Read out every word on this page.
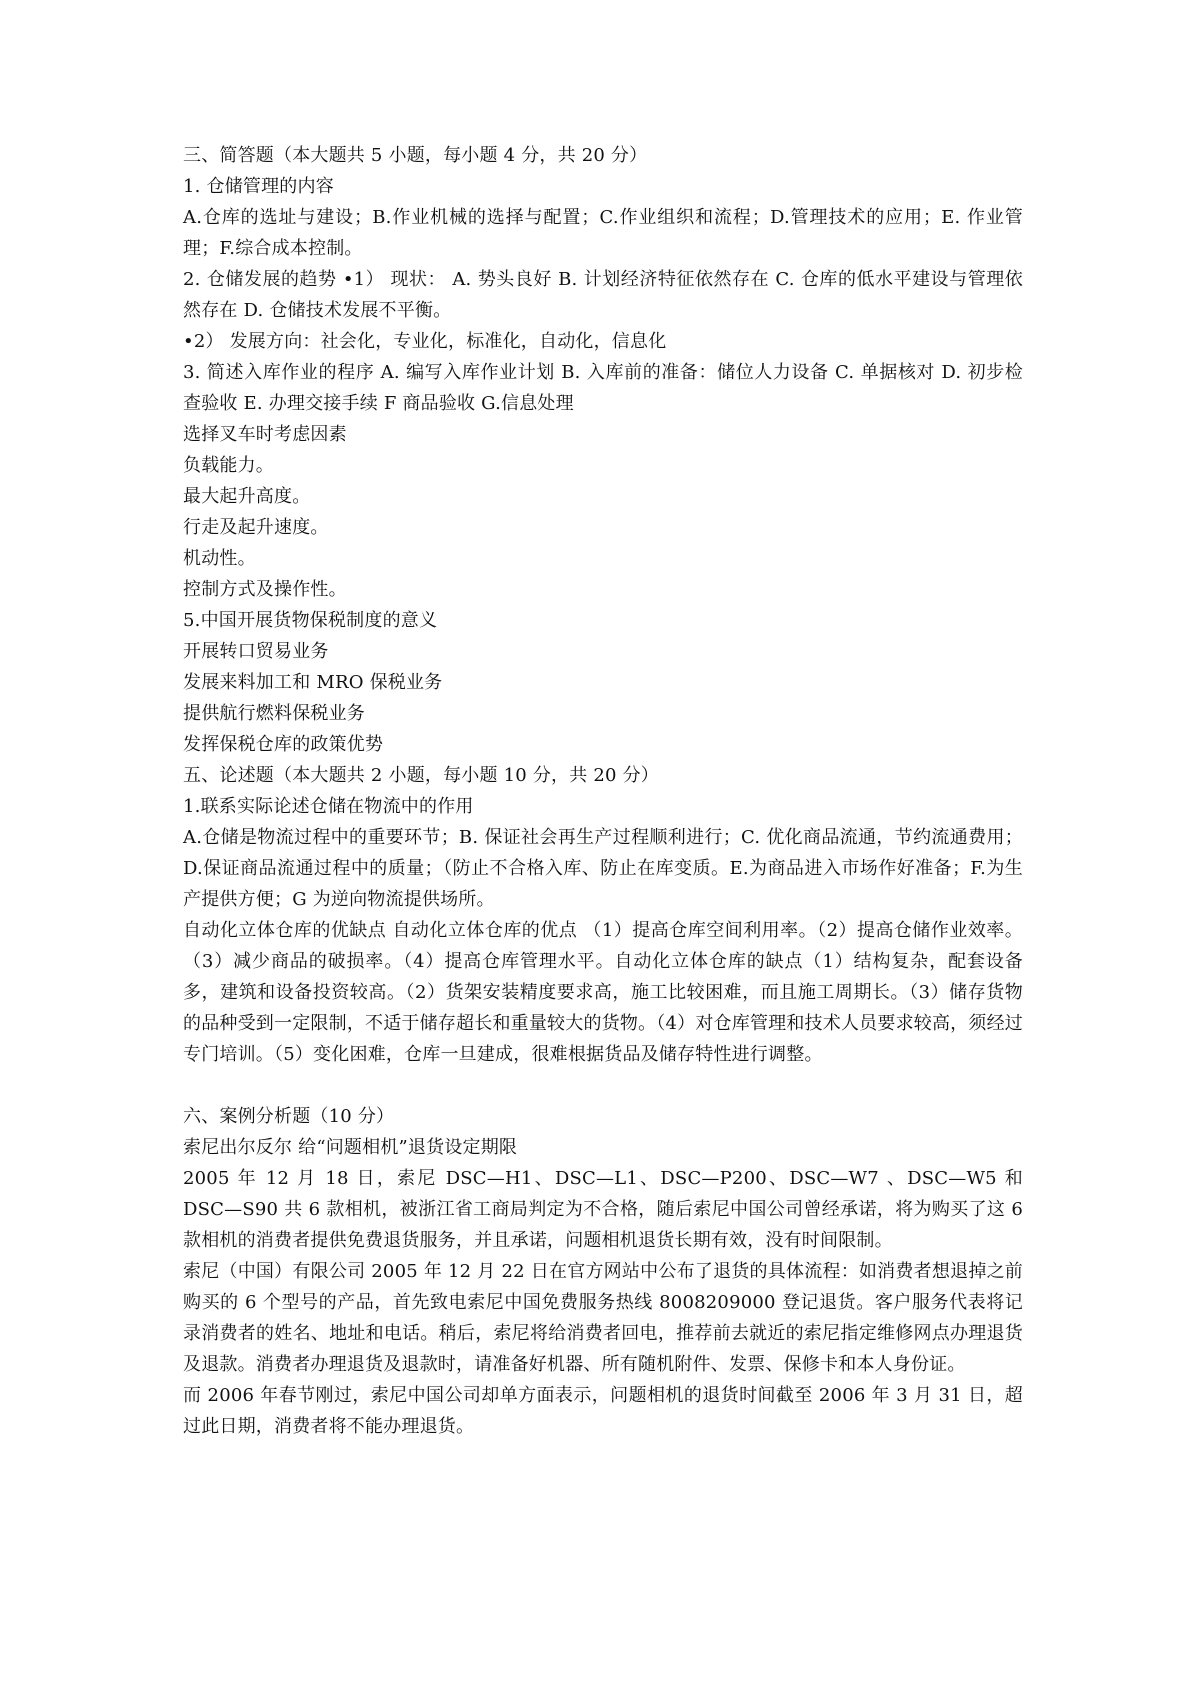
三、简答题（本大题共 5 小题，每小题 4 分，共 20 分）

1. 仓储管理的内容

A.仓库的选址与建设；B.作业机械的选择与配置；C.作业组织和流程；D.管理技术的应用；E. 作业管理；F.综合成本控制。

2. 仓储发展的趋势 •1） 现状： A. 势头良好 B. 计划经济特征依然存在 C. 仓库的低水平建设与管理依然存在 D. 仓储技术发展不平衡。

•2） 发展方向：社会化，专业化，标准化，自动化，信息化

3. 简述入库作业的程序 A. 编写入库作业计划 B. 入库前的准备：储位人力设备 C. 单据核对 D. 初步检查验收 E. 办理交接手续 F 商品验收 G.信息处理

选择叉车时考虑因素

负载能力。

最大起升高度。

行走及起升速度。

机动性。

控制方式及操作性。

5.中国开展货物保税制度的意义

开展转口贸易业务

发展来料加工和 MRO 保税业务

提供航行燃料保税业务

发挥保税仓库的政策优势

五、论述题（本大题共 2 小题，每小题 10 分，共 20 分）

1.联系实际论述仓储在物流中的作用

A.仓储是物流过程中的重要环节；B. 保证社会再生产过程顺利进行；C. 优化商品流通，节约流通费用；D.保证商品流通过程中的质量；（防止不合格入库、防止在库变质。E.为商品进入市场作好准备；F.为生产提供方便；G 为逆向物流提供场所。

自动化立体仓库的优缺点 自动化立体仓库的优点 （1）提高仓库空间利用率。（2）提高仓储作业效率。（3）减少商品的破损率。（4）提高仓库管理水平。自动化立体仓库的缺点（1）结构复杂，配套设备多，建筑和设备投资较高。（2）货架安装精度要求高，施工比较困难，而且施工周期长。（3）储存货物的品种受到一定限制，不适于储存超长和重量较大的货物。（4）对仓库管理和技术人员要求较高，须经过专门培训。（5）变化困难，仓库一旦建成，很难根据货品及储存特性进行调整。

六、案例分析题（10 分）

索尼出尔反尔 给“问题相机”退货设定期限

2005 年 12 月 18 日，索尼 DSC—H1、DSC—L1、DSC—P200、DSC—W7 、DSC—W5 和 DSC—S90 共 6 款相机，被浙江省工商局判定为不合格，随后索尼中国公司曾经承诺，将为购买了这 6 款相机的消费者提供免费退货服务，并且承诺，问题相机退货长期有效，没有时间限制。

索尼（中国）有限公司 2005 年 12 月 22 日在官方网站中公布了退货的具体流程：如消费者想退掉之前购买的 6 个型号的产品，首先致电索尼中国免费服务热线 8008209000 登记退货。客户服务代表将记录消费者的姓名、地址和电话。稍后，索尼将给消费者回电，推荐前去就近的索尼指定维修网点办理退货及退款。消费者办理退货及退款时，请准备好机器、所有随机附件、发票、保修卡和本人身份证。

而 2006 年春节刚过，索尼中国公司却单方面表示，问题相机的退货时间截至 2006 年 3 月 31 日，超过此日期，消费者将不能办理退货。
